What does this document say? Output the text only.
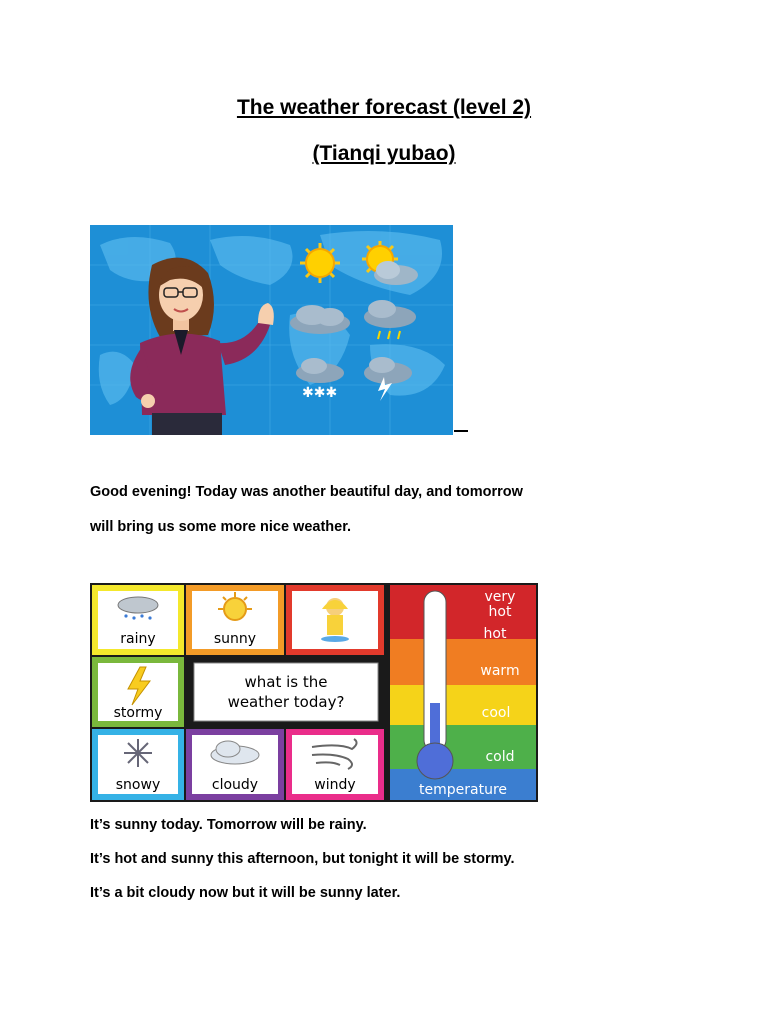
The weather forecast (level 2)
(Tianqi yubao)
✱✱✱

Good evening! Today was another beautiful day, and tomorrow

will bring us some more nice weather.

rainy	sunny
stormy
what is the
weather today?
snowy	cloudy	windy
very
hot
hot
warm
cool
cold
temperature

It’s sunny today. Tomorrow will be rainy.

It’s hot and sunny this afternoon, but tonight it will be stormy.

It’s a bit cloudy now but it will be sunny later.
